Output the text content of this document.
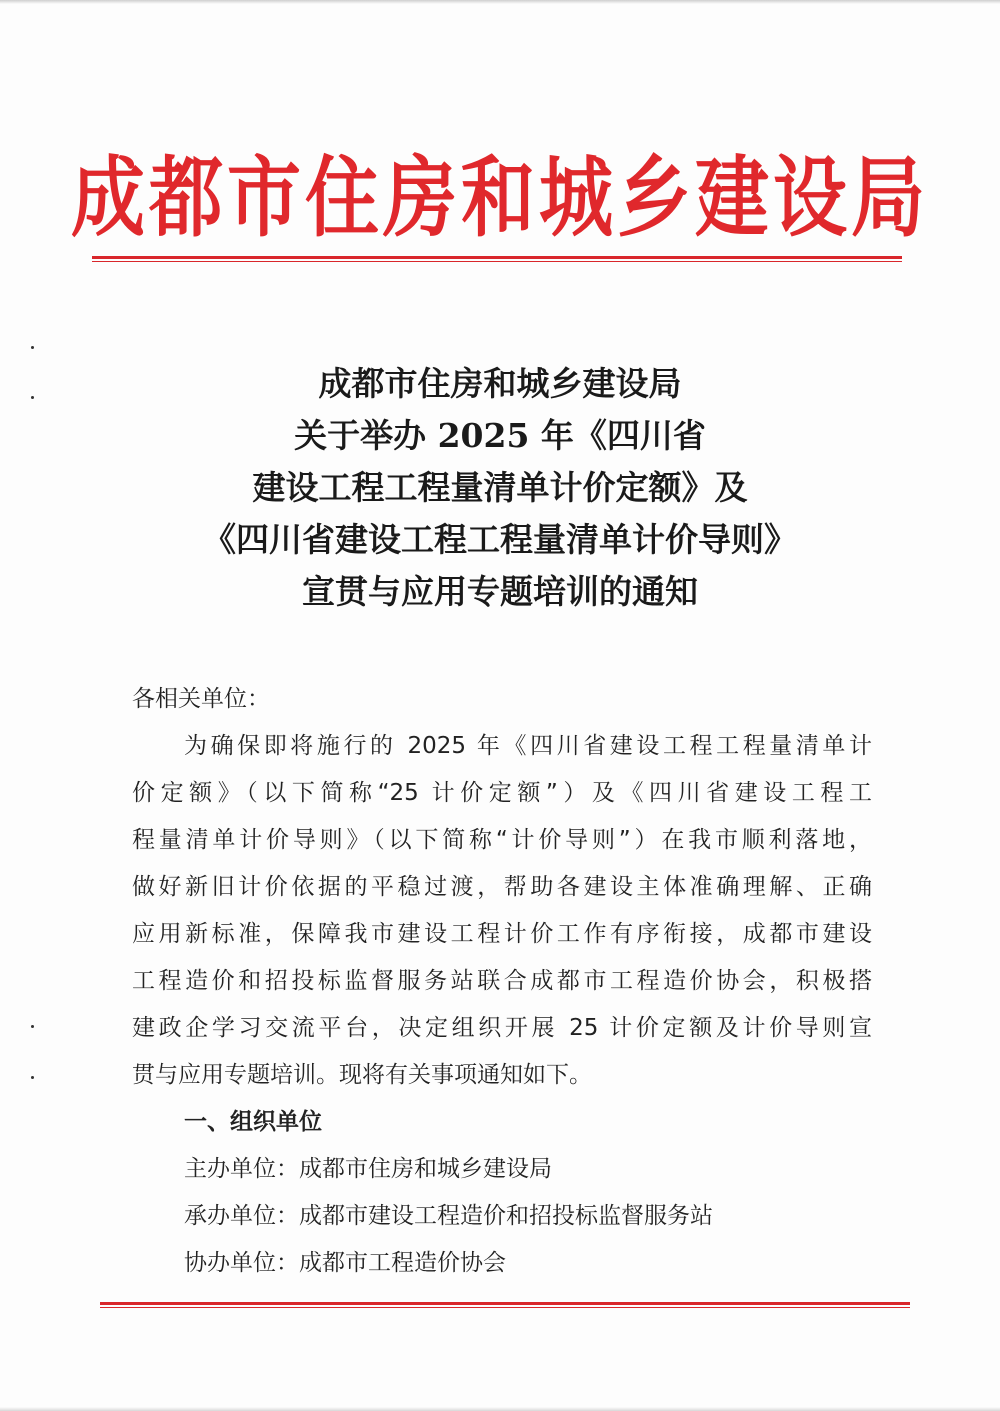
成都市住房和城乡建设局
成都市住房和城乡建设局
关于举办 2025 年《四川省
建设工程工程量清单计价定额》及
《四川省建设工程工程量清单计价导则》
宣贯与应用专题培训的通知
各相关单位：
为确保即将施行的 2025 年《四川省建设工程工程量清单计
价定额》（以下简称“25 计价定额”）及《四川省建设工程工
程量清单计价导则》（以下简称“计价导则”）在我市顺利落地，
做好新旧计价依据的平稳过渡，帮助各建设主体准确理解、正确
应用新标准，保障我市建设工程计价工作有序衔接，成都市建设
工程造价和招投标监督服务站联合成都市工程造价协会，积极搭
建政企学习交流平台，决定组织开展 25 计价定额及计价导则宣
贯与应用专题培训。现将有关事项通知如下。
一、组织单位
主办单位：成都市住房和城乡建设局
承办单位：成都市建设工程造价和招投标监督服务站
协办单位：成都市工程造价协会
